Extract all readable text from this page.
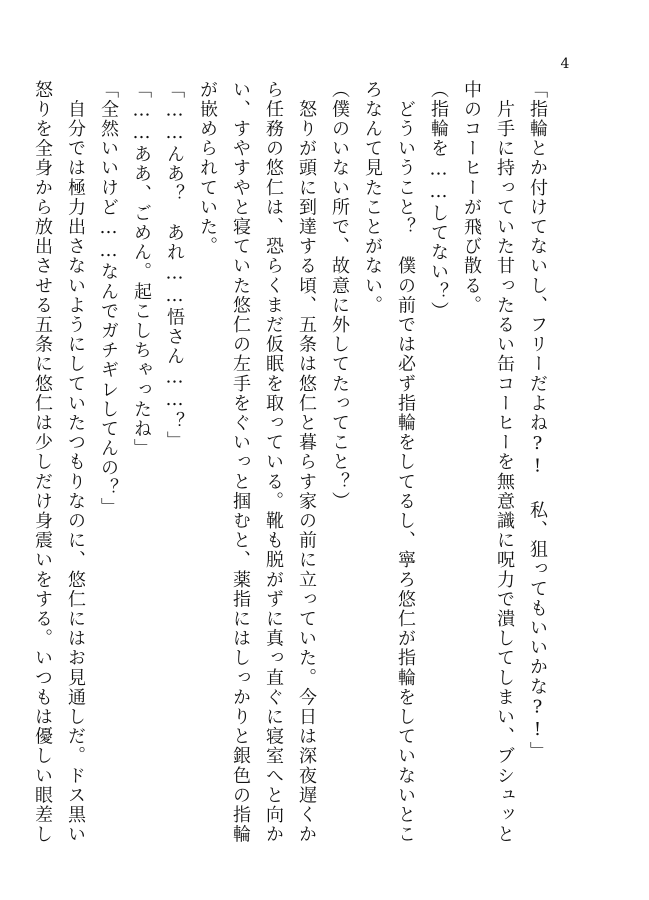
4
「指輪とか付けてないし、フリーだよね?! 私、狙ってもいいかな?!」
　片手に持っていた甘ったるい缶コーヒーを無意識に呪力で潰してしまい、ブシュッと
中のコーヒーが飛び散る。
（指輪を……してない？）
　どういうこと？　僕の前では必ず指輪をしてるし、寧ろ悠仁が指輪をしていないとこ
ろなんて見たことがない。
（僕のいない所で、故意に外してたってこと？）
　怒りが頭に到達する頃、五条は悠仁と暮らす家の前に立っていた。今日は深夜遅くか
ら任務の悠仁は、恐らくまだ仮眠を取っている。靴も脱がずに真っ直ぐに寝室へと向か
い、すやすやと寝ていた悠仁の左手をぐいっと掴むと、薬指にはしっかりと銀色の指輪
が嵌められていた。
「……んあ？　あれ……悟さん……？」
「……ああ、ごめん。起こしちゃったね」
「全然いいけど……なんでガチギレしてんの？」
　自分では極力出さないようにしていたつもりなのに、悠仁にはお見通しだ。ドス黒い
怒りを全身から放出させる五条に悠仁は少しだけ身震いをする。いつもは優しい眼差し
